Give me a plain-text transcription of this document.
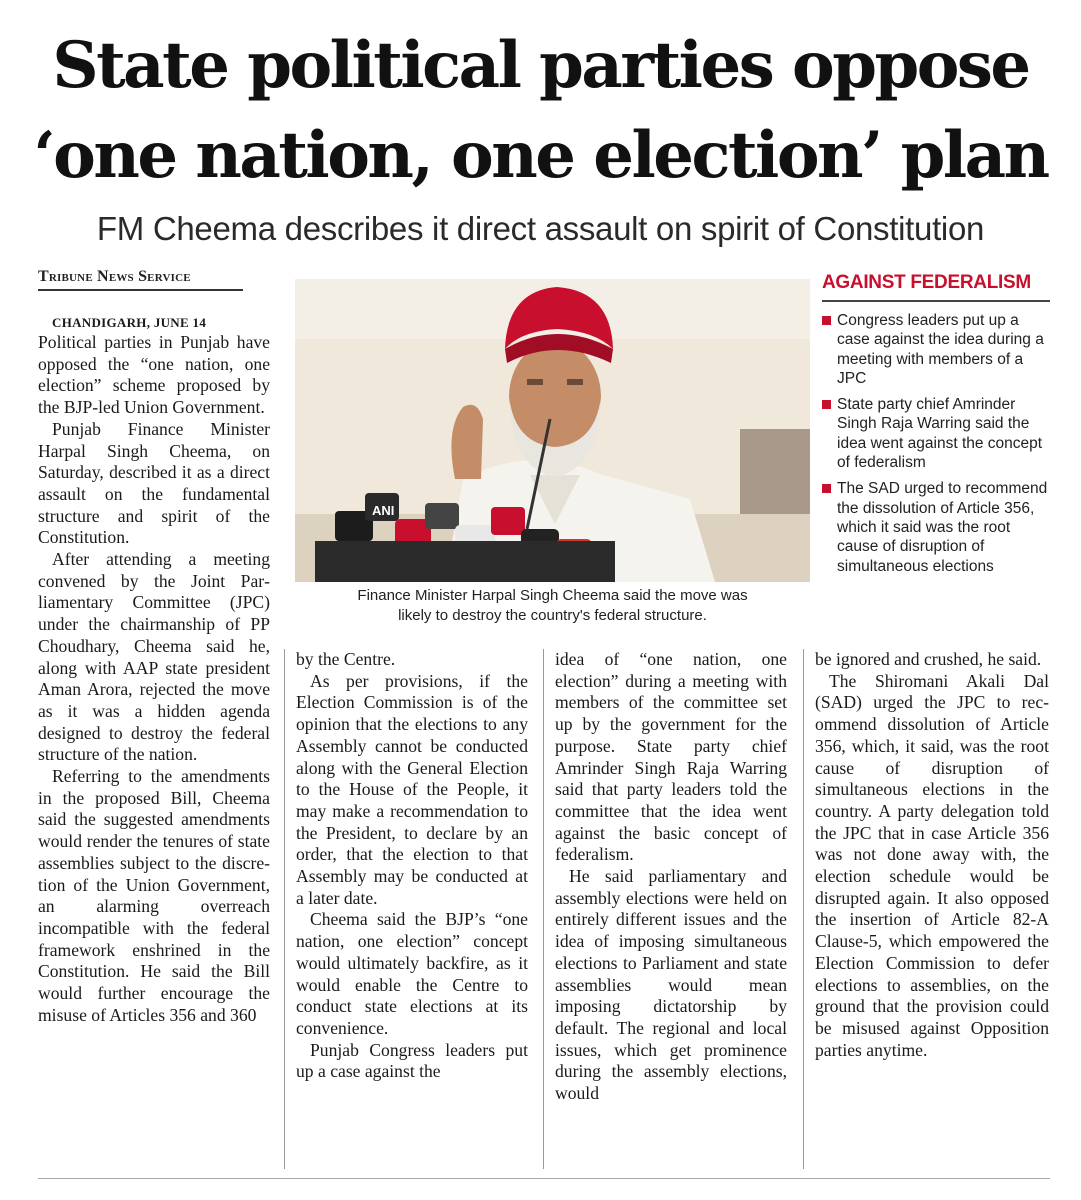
State political parties oppose
‘one nation, one election’ plan
FM Cheema describes it direct assault on spirit of Constitution
Tribune News Service

CHANDIGARH, JUNE 14

Political parties in Punjab have opposed the “one nation, one election” scheme proposed by the BJP-led Union Government.

Punjab Finance Minister Harpal Singh Cheema, on Saturday, described it as a direct assault on the fundamental structure and spirit of the Constitution.

After attending a meeting convened by the Joint Parliamentary Committee (JPC) under the chairmanship of PP Choudhary, Cheema said he, along with AAP state president Aman Arora, rejected the move as it was a hidden agenda designed to destroy the federal structure of the nation.

Referring to the amendments in the proposed Bill, Cheema said the suggested amendments would render the tenures of state assemblies subject to the discretion of the Union Government, an alarming overreach incompatible with the federal framework enshrined in the Constitution. He said the Bill would further encourage the misuse of Articles 356 and 360

ANI
Finance Minister Harpal Singh Cheema said the move was
likely to destroy the country's federal structure.
AGAINST FEDERALISM
Congress leaders put up a case against the idea during a meeting with members of a JPC
State party chief Amrinder Singh Raja Warring said the idea went against the concept of federalism
The SAD urged to recommend the dissolution of Article 356, which it said was the root cause of disruption of simultaneous elections

by the Centre.

As per provisions, if the Election Commission is of the opinion that the elections to any Assembly cannot be conducted along with the General Election to the House of the People, it may make a recommendation to the President, to declare by an order, that the election to that Assembly may be conducted at a later date.

Cheema said the BJP’s “one nation, one election” concept would ultimately backfire, as it would enable the Centre to conduct state elections at its convenience.

Punjab Congress leaders put up a case against the

idea of “one nation, one election” during a meeting with members of the committee set up by the government for the purpose. State party chief Amrinder Singh Raja Warring said that party leaders told the committee that the idea went against the basic concept of federalism.

He said parliamentary and assembly elections were held on entirely different issues and the idea of imposing simultaneous elections to Parliament and state assemblies would mean imposing dictatorship by default. The regional and local issues, which get prominence during the assembly elections, would

be ignored and crushed, he said.

The Shiromani Akali Dal (SAD) urged the JPC to recommend dissolution of Article 356, which, it said, was the root cause of disruption of simultaneous elections in the country. A party delegation told the JPC that in case Article 356 was not done away with, the election schedule would be disrupted again. It also opposed the insertion of Article 82-A Clause-5, which empowered the Election Commission to defer elections to assemblies, on the ground that the provision could be misused against Opposition parties anytime.
